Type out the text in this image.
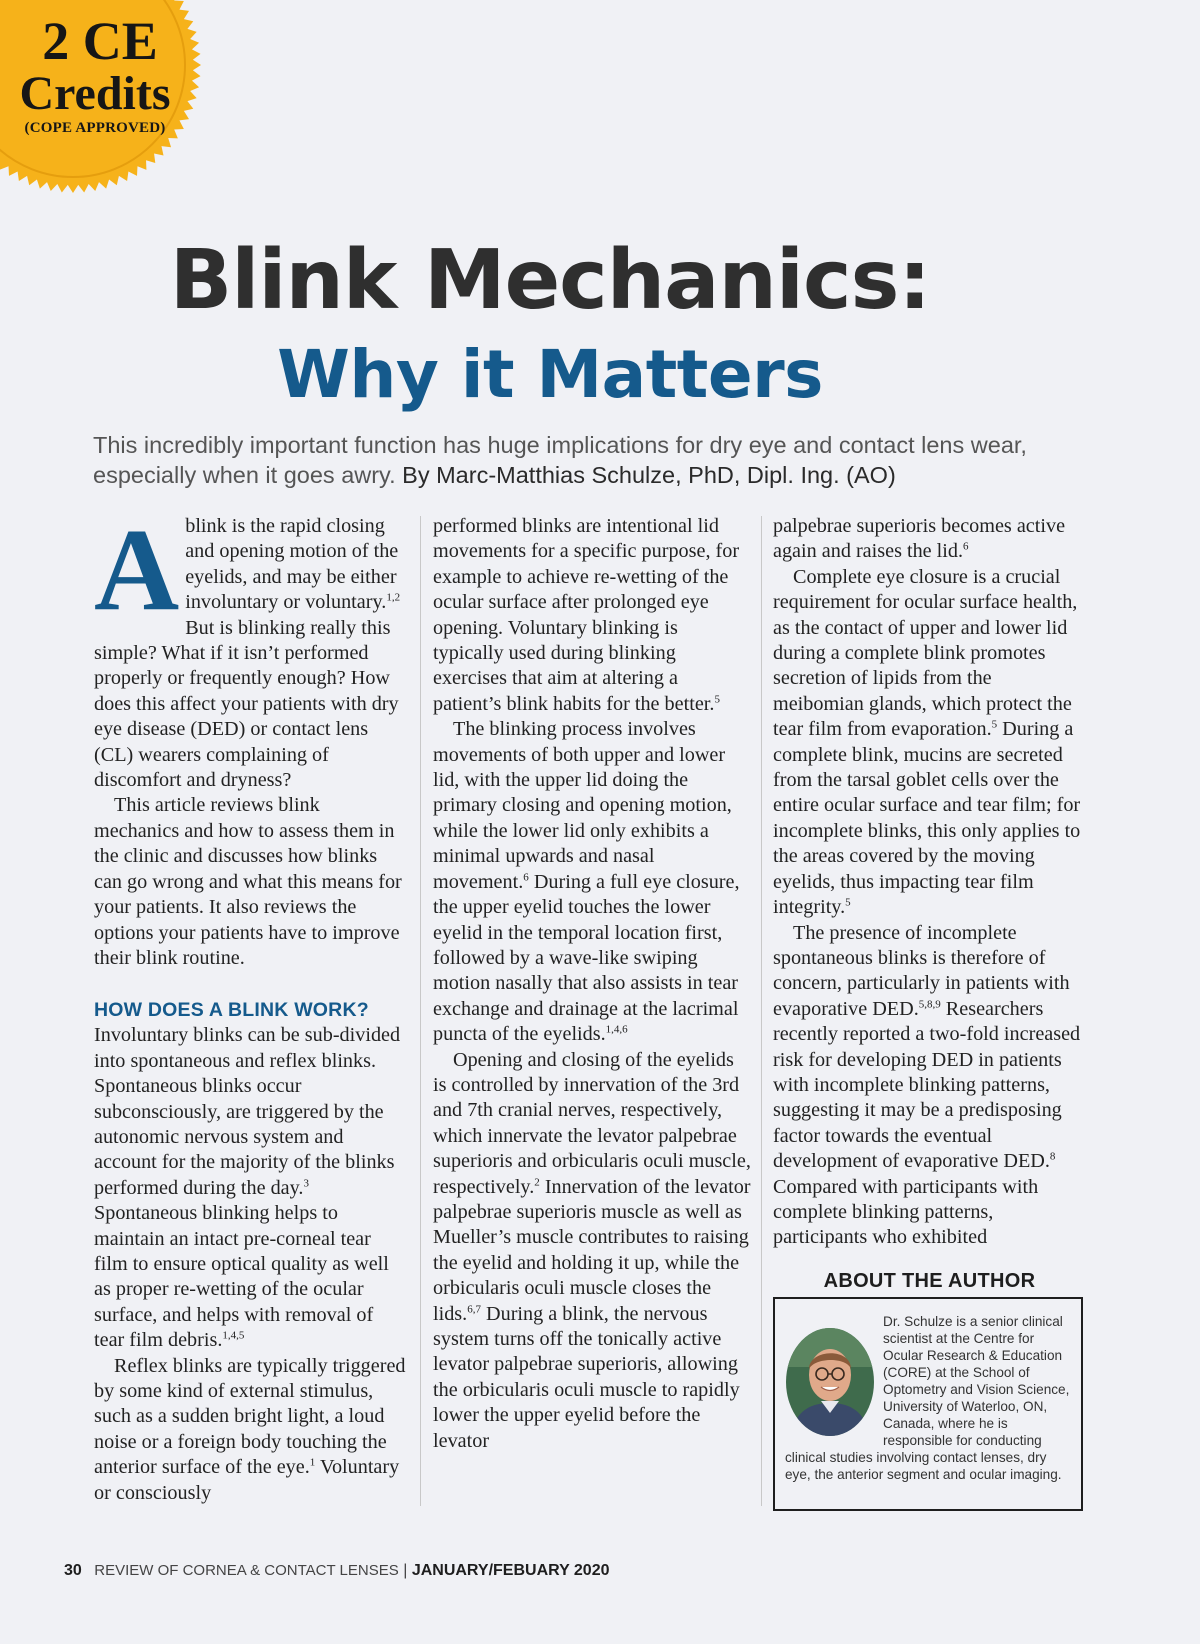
2 CE
Credits
(COPE APPROVED)
Blink Mechanics:
Why it Matters

This incredibly important function has huge implications for dry eye and contact lens wear, especially when it goes awry. By Marc-Matthias Schulze, PhD, Dipl. Ing. (AO)

Ablink is the rapid closing and opening motion of the eyelids, and may be either involuntary or voluntary.$^{1,2}$ But is blinking really this simple? What if it isn’t performed properly or frequently enough? How does this affect your patients with dry eye disease (DED) or contact lens (CL) wearers complaining of discomfort and dryness?

This article reviews blink mechanics and how to assess them in the clinic and discusses how blinks can go wrong and what this means for your patients. It also reviews the options your patients have to improve their blink routine.

HOW DOES A BLINK WORK?

Involuntary blinks can be sub-divided into spontaneous and reflex blinks. Spontaneous blinks occur subconsciously, are triggered by the autonomic nervous system and account for the majority of the blinks performed during the day.$^3$ Spontaneous blinking helps to maintain an intact pre-corneal tear film to ensure optical quality as well as proper re-wetting of the ocular surface, and helps with removal of tear film debris.$^{1,4,5}$

Reflex blinks are typically triggered by some kind of external stimulus, such as a sudden bright light, a loud noise or a foreign body touching the anterior surface of the eye.$^1$ Voluntary or consciously

performed blinks are intentional lid movements for a specific purpose, for example to achieve re-wetting of the ocular surface after prolonged eye opening. Voluntary blinking is typically used during blinking exercises that aim at altering a patient’s blink habits for the better.$^5$

The blinking process involves movements of both upper and lower lid, with the upper lid doing the primary closing and opening motion, while the lower lid only exhibits a minimal upwards and nasal movement.$^6$ During a full eye closure, the upper eyelid touches the lower eyelid in the temporal location first, followed by a wave-like swiping motion nasally that also assists in tear exchange and drainage at the lacrimal puncta of the eyelids.$^{1,4,6}$

Opening and closing of the eyelids is controlled by innervation of the 3rd and 7th cranial nerves, respectively, which innervate the levator palpebrae superioris and orbicularis oculi muscle, respectively.$^2$ Innervation of the levator palpebrae superioris muscle as well as Mueller’s muscle contributes to raising the eyelid and holding it up, while the orbicularis oculi muscle closes the lids.$^{6,7}$ During a blink, the nervous system turns off the tonically active levator palpebrae superioris, allowing the orbicularis oculi muscle to rapidly lower the upper eyelid before the levator

palpebrae superioris becomes active again and raises the lid.$^6$

Complete eye closure is a crucial requirement for ocular surface health, as the contact of upper and lower lid during a complete blink promotes secretion of lipids from the meibomian glands, which protect the tear film from evaporation.$^5$ During a complete blink, mucins are secreted from the tarsal goblet cells over the entire ocular surface and tear film; for incomplete blinks, this only applies to the areas covered by the moving eyelids, thus impacting tear film integrity.$^5$

The presence of incomplete spontaneous blinks is therefore of concern, particularly in patients with evaporative DED.$^{5,8,9}$ Researchers recently reported a two-fold increased risk for developing DED in patients with incomplete blinking patterns, suggesting it may be a predisposing factor towards the eventual development of evaporative DED.$^8$ Compared with participants with complete blinking patterns, participants who exhibited

ABOUT THE AUTHOR

Dr. Schulze is a senior clinical scientist at the Centre for Ocular Research & Education (CORE) at the School of Optometry and Vision Science, University of Waterloo, ON, Canada, where he is responsible for conducting clinical studies involving contact lenses, dry eye, the anterior segment and ocular imaging.

30 REVIEW OF CORNEA & CONTACT LENSES | JANUARY/FEBUARY 2020
